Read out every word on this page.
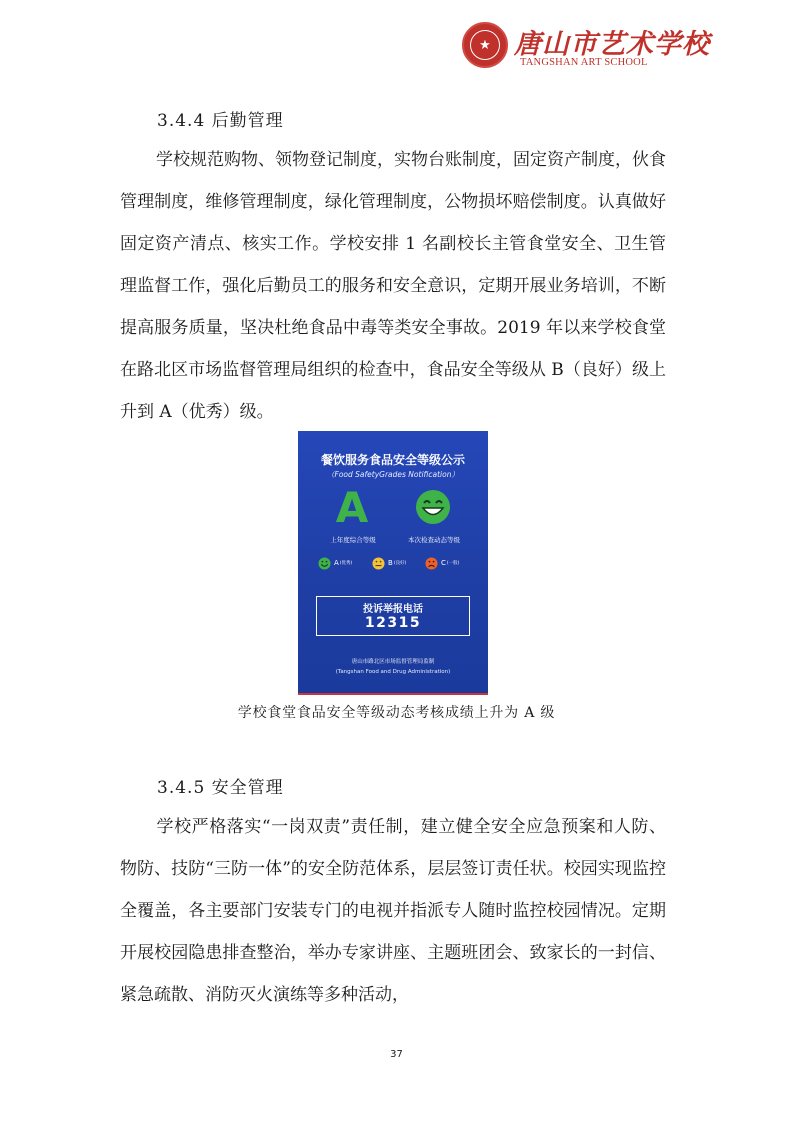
★ 唐山市艺术学校
TANGSHAN ART SCHOOL
3.4.4 后勤管理
学校规范购物、领物登记制度，实物台账制度，固定资产制度，伙食管理制度，维修管理制度，绿化管理制度，公物损坏赔偿制度。认真做好固定资产清点、核实工作。学校安排 1 名副校长主管食堂安全、卫生管理监督工作，强化后勤员工的服务和安全意识，定期开展业务培训，不断提高服务质量，坚决杜绝食品中毒等类安全事故。2019 年以来学校食堂在路北区市场监督管理局组织的检查中，食品安全等级从 B（良好）级上升到 A（优秀）级。
餐饮服务食品安全等级公示
（Food SafetyGrades Notification）
A
上年度综合等级	本次检查动态等级
A (优秀)	B (良好)	C (一般)
投诉举报电话
12315
唐山市路北区市场监督管理局监制
(Tangshan Food and Drug Administration)
学校食堂食品安全等级动态考核成绩上升为 A 级
3.4.5 安全管理
学校严格落实“一岗双责”责任制，建立健全安全应急预案和人防、物防、技防“三防一体”的安全防范体系，层层签订责任状。校园实现监控全覆盖，各主要部门安装专门的电视并指派专人随时监控校园情况。定期开展校园隐患排查整治，举办专家讲座、主题班团会、致家长的一封信、紧急疏散、消防灭火演练等多种活动，
37
